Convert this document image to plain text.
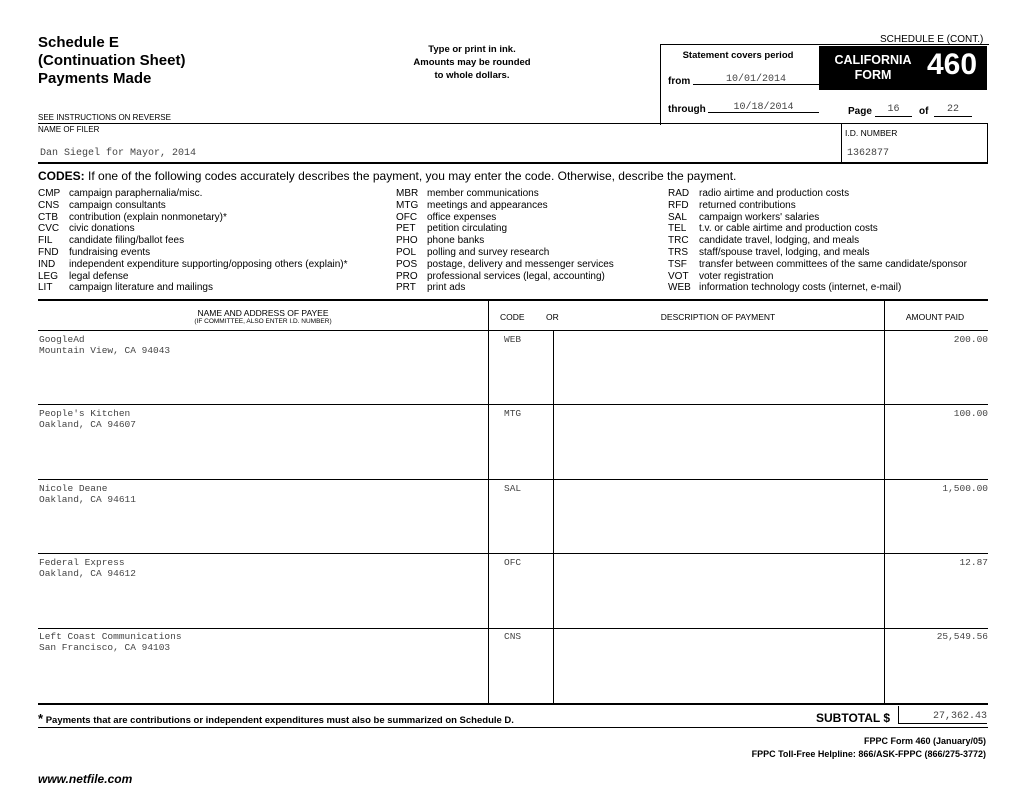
Schedule E
(Continuation Sheet)
Payments Made
Type or print in ink.
Amounts may be rounded
to whole dollars.
SCHEDULE E (CONT.)
Statement covers period
from	10/01/2014
through	10/18/2014
CALIFORNIA
FORM	460
Page	16	of	22
SEE INSTRUCTIONS ON REVERSE
NAME OF FILER
Dan Siegel for Mayor, 2014
I.D. NUMBER
1362877
CODES: If one of the following codes accurately describes the payment, you may enter the code. Otherwise, describe the payment.
CMP campaign paraphernalia/misc.
CNS campaign consultants
CTB	contribution (explain nonmonetary)*
CVC civic donations
FIL	candidate filing/ballot fees
FND	fundraising events
IND	independent expenditure supporting/opposing others (explain)*
LEG	legal defense
LIT	campaign literature and mailings
MBR member communications
MTG meetings and appearances
OFC office expenses
PET	petition circulating
PHO phone banks
POL	polling and survey research
POS postage, delivery and messenger services
PRO professional services (legal, accounting)
PRT	print ads
RAD radio airtime and production costs
RFD	returned contributions
SAL	campaign workers' salaries
TEL	t.v. or cable airtime and production costs
TRC	candidate travel, lodging, and meals
TRS	staff/spouse travel, lodging, and meals
TSF	transfer between committees of the same candidate/sponsor
VOT	voter registration
WEB information technology costs (internet, e-mail)
NAME AND ADDRESS OF PAYEE
(IF COMMITTEE, ALSO ENTER I.D. NUMBER)	CODE	OR	DESCRIPTION OF PAYMENT	AMOUNT PAID
GoogleAd
Mountain View, CA 94043
WEB	200.00
People's Kitchen
Oakland, CA 94607
MTG	100.00
Nicole Deane
Oakland, CA 94611
SAL	1,500.00
Federal Express
Oakland, CA 94612
OFC	12.87
Left Coast Communications
San Francisco, CA 94103
CNS	25,549.56
* Payments that are contributions or independent expenditures must also be summarized on Schedule D.	SUBTOTAL $	27,362.43
FPPC Form 460 (January/05)
FPPC Toll-Free Helpline: 866/ASK-FPPC (866/275-3772)
www.netfile.com
